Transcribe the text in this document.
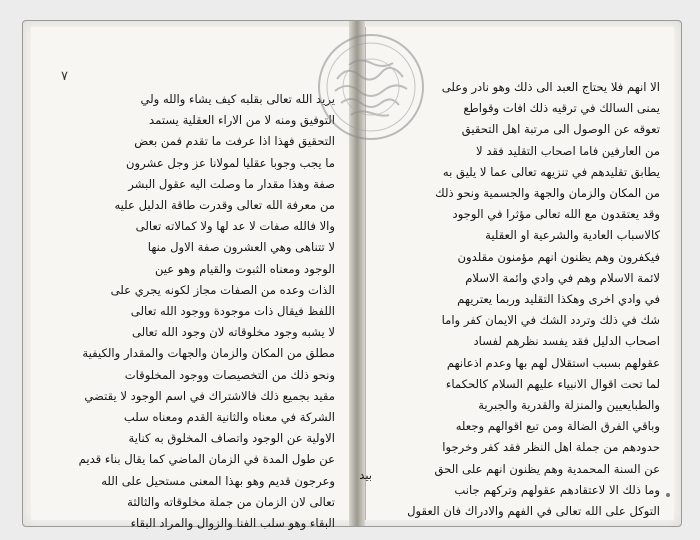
يريد الله تعالى بقلبه كيف يشاء والله ولي
التوفيق ومنه لا من الاراء العقلية يستمد
التحقيق فهذا اذا عرفت ما تقدم فمن بعض
ما يجب وجوبا عقليا لمولانا عز وجل عشرون
صفة وهذا مقدار ما وصلت اليه عقول البشر
من معرفة الله تعالى وقدرت طاقة الدليل عليه
والا فالله صفات لا عد لها ولا كمالاته تعالى
لا تتناهى وهي العشرون صفة الاول منها
الوجود ومعناه الثبوت والقيام وهو عين
الذات وعده من الصفات مجاز لكونه يجري على
اللفظ فيقال ذات موجودة ووجود الله تعالى
لا يشبه وجود مخلوقاته لان وجود الله تعالى
مطلق من المكان والزمان والجهات والمقدار والكيفية
ونحو ذلك من التخصيصات ووجود المخلوقات
مقيد بجميع ذلك فالاشتراك في اسم الوجود لا يقتضي
الشركة في معناه والثانية القدم ومعناه سلب
الاولية عن الوجود واتصاف المخلوق به كناية
عن طول المدة في الزمان الماضي كما يقال بناء قديم
وعرجون قديم وهو بهذا المعنى مستحيل على الله
تعالى لان الزمان من جملة مخلوقاته والثالثة
البقاء وهو سلب الفنا والزوال والمراد البقاء
الا انهم فلا يحتاج العبد الى ذلك وهو نادر وعلى
يمنى السالك في ترقيه ذلك افات وقواطع
تعوقه عن الوصول الى مرتبة اهل التحقيق
من العارفين فاما اصحاب التقليد فقد لا
يطابق تقليدهم في تنزيهه تعالى عما لا يليق به
من المكان والزمان والجهة والجسمية ونحو ذلك
وقد يعتقدون مع الله تعالى مؤثرا في الوجود
كالاسباب العادية والشرعية او العقلية
فيكفرون وهم يظنون انهم مؤمنون مقلدون
لائمة الاسلام وهم في وادي وائمة الاسلام
في وادي اخرى وهكذا التقليد وربما يعتريهم
شك في ذلك وتردد الشك في الايمان كفر واما
اصحاب الدليل فقد يفسد نظرهم لفساد
عقولهم بسبب استقلال لهم بها وعدم اذعانهم
لما تحت اقوال الانبياء عليهم السلام كالحكماء
والطبايعيين والمنزلة والقدرية والجبرية
وباقي الفرق الضالة ومن تبع اقوالهم وجعله
حدودهم من جملة اهل النظر فقد كفر وخرجوا
عن السنة المحمدية وهم يظنون انهم على الحق
وما ذلك الا لاعتقادهم عقولهم وتركهم جانب
التوكل على الله تعالى في الفهم والادراك فان العقول
بيد
٧
